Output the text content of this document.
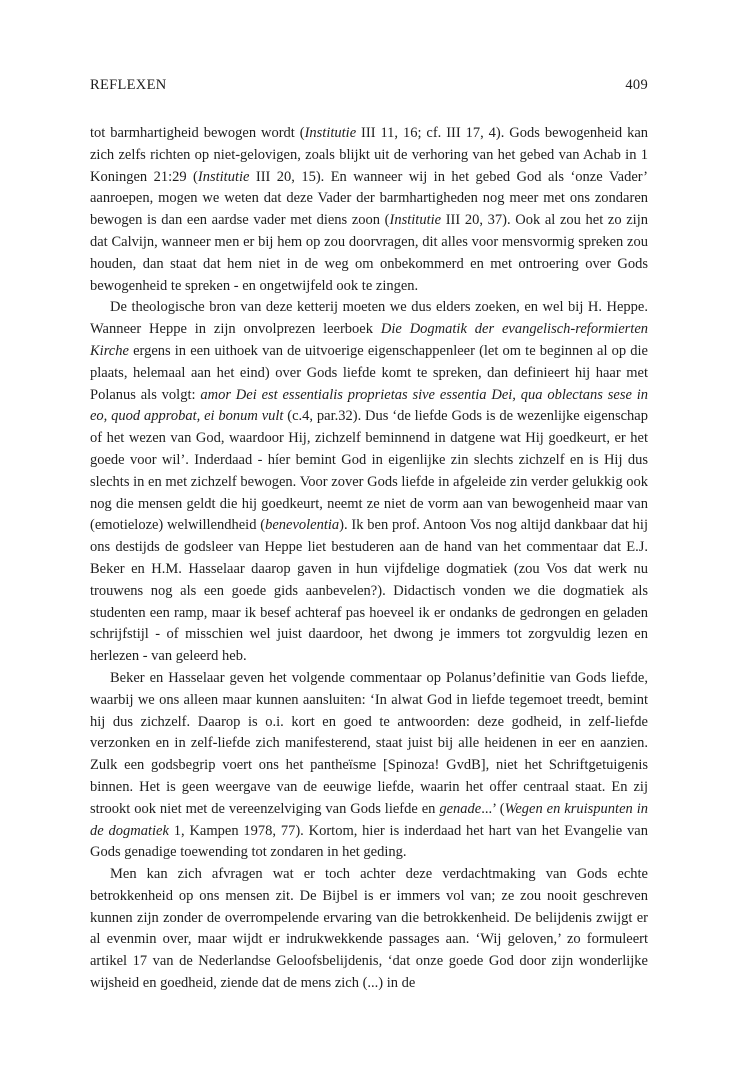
REFLEXEN	409

tot barmhartigheid bewogen wordt (Institutie III 11, 16; cf. III 17, 4). Gods bewogenheid kan zich zelfs richten op niet-gelovigen, zoals blijkt uit de verhoring van het gebed van Achab in 1 Koningen 21:29 (Institutie III 20, 15). En wanneer wij in het gebed God als ‘onze Vader’ aanroepen, mogen we weten dat deze Vader der barmhartigheden nog meer met ons zondaren bewogen is dan een aardse vader met diens zoon (Institutie III 20, 37). Ook al zou het zo zijn dat Calvijn, wanneer men er bij hem op zou doorvragen, dit alles voor mensvormig spreken zou houden, dan staat dat hem niet in de weg om onbekommerd en met ontroering over Gods bewogenheid te spreken - en ongetwijfeld ook te zingen.

De theologische bron van deze ketterij moeten we dus elders zoeken, en wel bij H. Heppe. Wanneer Heppe in zijn onvolprezen leerboek Die Dogmatik der evangelisch-reformierten Kirche ergens in een uithoek van de uitvoerige eigenschappenleer (let om te beginnen al op die plaats, helemaal aan het eind) over Gods liefde komt te spreken, dan definieert hij haar met Polanus als volgt: amor Dei est essentialis proprietas sive essentia Dei, qua oblectans sese in eo, quod approbat, ei bonum vult (c.4, par.32). Dus ‘de liefde Gods is de wezenlijke eigenschap of het wezen van God, waardoor Hij, zichzelf beminnend in datgene wat Hij goedkeurt, er het goede voor wil’. Inderdaad - híer bemint God in eigenlijke zin slechts zichzelf en is Hij dus slechts in en met zichzelf bewogen. Voor zover Gods liefde in afgeleide zin verder gelukkig ook nog die mensen geldt die hij goedkeurt, neemt ze niet de vorm aan van bewogenheid maar van (emotieloze) welwillendheid (benevolentia). Ik ben prof. Antoon Vos nog altijd dankbaar dat hij ons destijds de godsleer van Heppe liet bestuderen aan de hand van het commentaar dat E.J. Beker en H.M. Hasselaar daarop gaven in hun vijfdelige dogmatiek (zou Vos dat werk nu trouwens nog als een goede gids aanbevelen?). Didactisch vonden we die dogmatiek als studenten een ramp, maar ik besef achteraf pas hoeveel ik er ondanks de gedrongen en geladen schrijfstijl - of misschien wel juist daardoor, het dwong je immers tot zorgvuldig lezen en herlezen - van geleerd heb.

Beker en Hasselaar geven het volgende commentaar op Polanus’definitie van Gods liefde, waarbij we ons alleen maar kunnen aansluiten: ‘In alwat God in liefde tegemoet treedt, bemint hij dus zichzelf. Daarop is o.i. kort en goed te antwoorden: deze godheid, in zelf-liefde verzonken en in zelf-liefde zich manifesterend, staat juist bij alle heidenen in eer en aanzien. Zulk een godsbegrip voert ons het pantheïsme [Spinoza! GvdB], niet het Schriftgetuigenis binnen. Het is geen weergave van de eeuwige liefde, waarin het offer centraal staat. En zij strookt ook niet met de vereenzelviging van Gods liefde en genade...’ (Wegen en kruispunten in de dogmatiek 1, Kampen 1978, 77). Kortom, hier is inderdaad het hart van het Evangelie van Gods genadige toewending tot zondaren in het geding.

Men kan zich afvragen wat er toch achter deze verdachtmaking van Gods echte betrokkenheid op ons mensen zit. De Bijbel is er immers vol van; ze zou nooit geschreven kunnen zijn zonder de overrompelende ervaring van die betrokkenheid. De belijdenis zwijgt er al evenmin over, maar wijdt er indrukwekkende passages aan. ‘Wij geloven,’ zo formuleert artikel 17 van de Nederlandse Geloofsbelijdenis, ‘dat onze goede God door zijn wonderlijke wijsheid en goedheid, ziende dat de mens zich (...) in de
